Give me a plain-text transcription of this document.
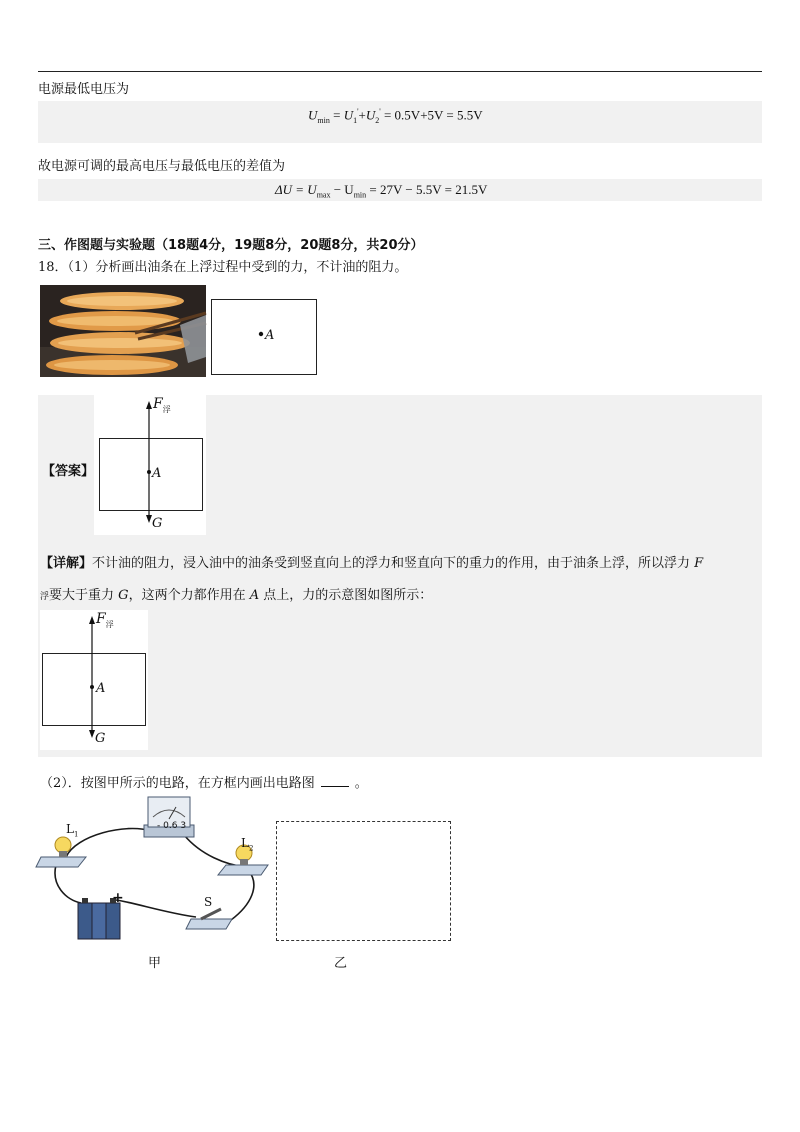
电源最低电压为
$U_{min} = U_1'+U_2' = 0.5V+5V = 5.5V$
故电源可调的最高电压与最低电压的差值为
$\Delta U = U_{max} - U_{min} = 27V - 5.5V = 21.5V$
三、作图题与实验题（18题4分，19题8分，20题8分，共20分）
18．（1）分析画出油条在上浮过程中受到的力，不计油的阻力。
A
【答案】
$F_浮$
A
G
【详解】不计油的阻力，浸入油中的油条受到竖直向上的浮力和竖直向下的重力的作用，由于油条上浮，所以浮力 F
浮要大于重力 G，这两个力都作用在 A 点上，力的示意图如图所示：
$F_浮$
A
G
（2）．按图甲所示的电路，在方框内画出电路图	。
- 0.6 3
$L_1$
$L_2$
S
+
甲	乙
